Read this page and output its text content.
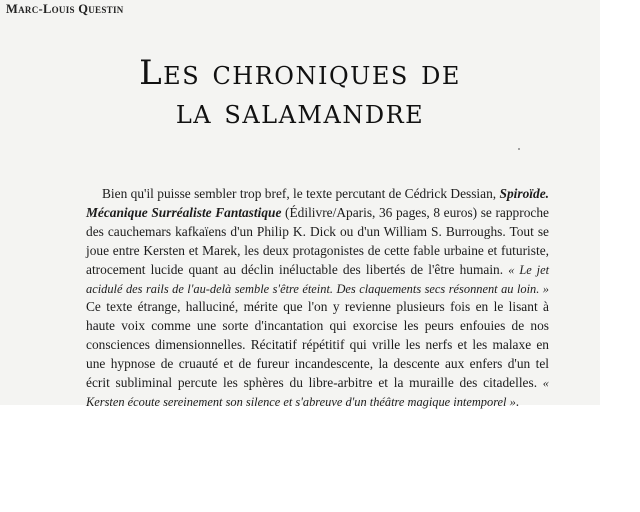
Marc-Louis Questin
Les chroniques de
la salamandre
Bien qu'il puisse sembler trop bref, le texte percutant de Cédrick Dessian, Spiroïde. Mécanique Surréaliste Fantastique (Édilivre/Aparis, 36 pages, 8 euros) se rapproche des cauchemars kafkaïens d'un Philip K. Dick ou d'un William S. Burroughs. Tout se joue entre Kersten et Marek, les deux protagonistes de cette fable urbaine et futuriste, atrocement lucide quant au déclin inéluctable des libertés de l'être humain. « Le jet acidulé des rails de l'au-delà semble s'être éteint. Des claquements secs résonnent au loin. » Ce texte étrange, halluciné, mérite que l'on y revienne plusieurs fois en le lisant à haute voix comme une sorte d'incantation qui exorcise les peurs enfouies de nos consciences dimensionnelles. Récitatif répétitif qui vrille les nerfs et les malaxe en une hypnose de cruauté et de fureur incandescente, la descente aux enfers d'un tel écrit subliminal percute les sphères du libre-arbitre et la muraille des citadelles. « Kersten écoute sereinement son silence et s'abreuve d'un théâtre magique intemporel ».
